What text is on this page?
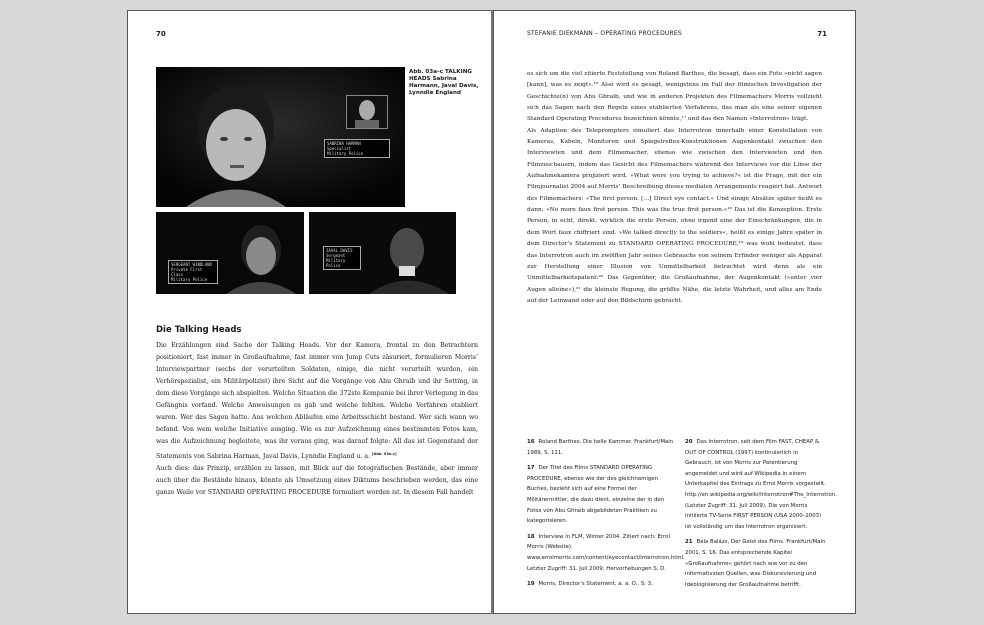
70
SABRINA HARMAN
Specialist
Military Police
Abb. 03a–c TALKING HEADS Sabrina Harmann, Javal Davis, Lynndie England
SERGEANT WINDLAND
Private First Class
Military Police
JAVAL DAVIS
Sergeant
Military Police
Die Talking Heads

Die Erzählungen sind Sache der Talking Heads. Vor der Kamera, frontal zu den Betrachtern positioniert, fast immer in Großaufnahme, fast immer von Jump Cuts zäsuriert, formulieren Morris’ Interviewpartner (sechs der verurteilten Soldaten, einige, die nicht verurteilt wurden, ein Verhörspezialist, ein Militärpolizist) ihre Sicht auf die Vorgänge von Abu Ghraib und ihr Setting, in dem diese Vorgänge sich abspielten. Welche Situation die 372ste Kompanie bei ihrer Verlegung in das Gefängnis vorfand. Welche Anweisungen es gab und welche fehlten. Welche Verfahren etabliert waren. Wer das Sagen hatte. Aus welchen Abläufen eine Arbeitsschicht bestand. Wer sich wann wo befand. Von wem welche Initiative ausging. Wie es zur Aufzeichnung eines bestimmten Fotos kam, was die Aufzeichnung begleitete, was ihr voraus ging, was darauf folgte: All das ist Gegenstand der Statements von Sabrina Harman, Javal Davis, Lynndie England u. a. [Abb. 03a–c]

Auch dies: das Prinzip, erzählen zu lassen, mit Blick auf die fotografischen Bestände, aber immer auch über die Bestände hinaus, könnte als Umsetzung eines Diktums beschrieben werden, das eine ganze Weile vor STANDARD OPERATING PROCEDURE formuliert worden ist. In diesem Fall handelt

STEFANIE DIEKMANN – OPERATING PROCEDURES	71

es sich um die viel zitierte Feststellung von Roland Barthes, die besagt, dass ein Foto »nicht sagen [kann], was es zeigt«.¹⁶ Also wird es gesagt, wenigstens im Fall der filmischen Investigation der Geschichte(n) von Abu Ghraib, und wie in anderen Projekten des Filmemachers Morris vollzieht sich das Sagen nach den Regeln eines etablierten Verfahrens, das man als eine seiner eigenen Standard Operating Procedures bezeichnen könnte,¹⁷ und das den Namen »Interrotron« trägt.

Als Adaption des Teleprompters simuliert das Interrotron innerhalb einer Konstellation von Kameras, Kabeln, Monitoren und Spiegelreflex-Konstruktionen Augenkontakt zwischen den Interviewten und dem Filmemacher, ebenso wie zwischen den Interviewten und den Filmzuschauern, indem das Gesicht des Filmemachers während des Interviews vor die Linse der Aufnahmekamera projiziert wird. »What were you trying to achieve?« ist die Frage, mit der ein Filmjournalist 2004 auf Morris’ Beschreibung dieses medialen Arrangements reagiert hat. Antwort des Filmemachers: »The first person. […] Direct eye contact.« Und einige Absätze später heißt es dann: »No more faux first person. This was the true first person.«¹⁸ Das ist die Konzeption. Erste Person, in echt, direkt, wirklich die erste Person, ohne irgend eine der Einschränkungen, die in dem Wort faux chiffriert sind. »We talked directly to the soldiers«, heißt es einige Jahre später in dem Director’s Statement zu STANDARD OPERATING PROCEDURE,¹⁹ was wohl bedeutet, dass das Interrotron auch im zwölften Jahr seines Gebrauchs von seinem Erfinder weniger als Apparat zur Herstellung einer Illusion von Unmittelbarkeit betrachtet wird denn als ein Unmittelbarkeitspatent:²⁰ Das Gegenüber, die Großaufnahme, der Augenkontakt (»unter vier Augen alleine«),²¹ die kleinste Regung, die größte Nähe, die letzte Wahrheit, und alles am Ende auf der Leinwand oder auf den Bildschirm gebracht.

16 Roland Barthes, Die helle Kammer. Frankfurt/Main 1989, S. 111.

17 Der Titel des Films STANDARD OPERATING PROCEDURE, ebenso wie der des gleichnamigen Buches, bezieht sich auf eine Formel der Militärermittler, die dazu dient, einzelne der in den Fotos von Abu Ghraib abgebildeten Praktiken zu kategorisieren.

18 Interview in FLM, Winter 2004. Zitiert nach: Errol Morris (Website). www.errolmorris.com/content/eyecontact/interrotron.html. Letzter Zugriff: 31. Juli 2009; Hervorhebungen S. D.

19 Morris, Director’s Statement, a. a. O., S. 3.

20 Das Interrotron, seit dem Film FAST, CHEAP & OUT OF CONTROL (1997) kontinuierlich in Gebrauch, ist von Morris zur Patentierung angemeldet und wird auf Wikipedia in einem Unterkapitel des Eintrags zu Errol Morris vorgestellt. http://en.wikipedia.org/wiki/Interrotron#The_Interrotron. (Letzter Zugriff: 31. Juli 2009). Die von Morris initiierte TV-Serie FIRST PERSON (USA 2000–2003) ist vollständig um das Interrotron organisiert.

21 Béla Balázs, Der Geist des Films. Frankfurt/Main 2001, S. 16. Das entsprechende Kapitel »Großaufnahme« gehört nach wie vor zu den informativsten Quellen, was Diskursivierung und Ideologisierung der Großaufnahme betrifft.
